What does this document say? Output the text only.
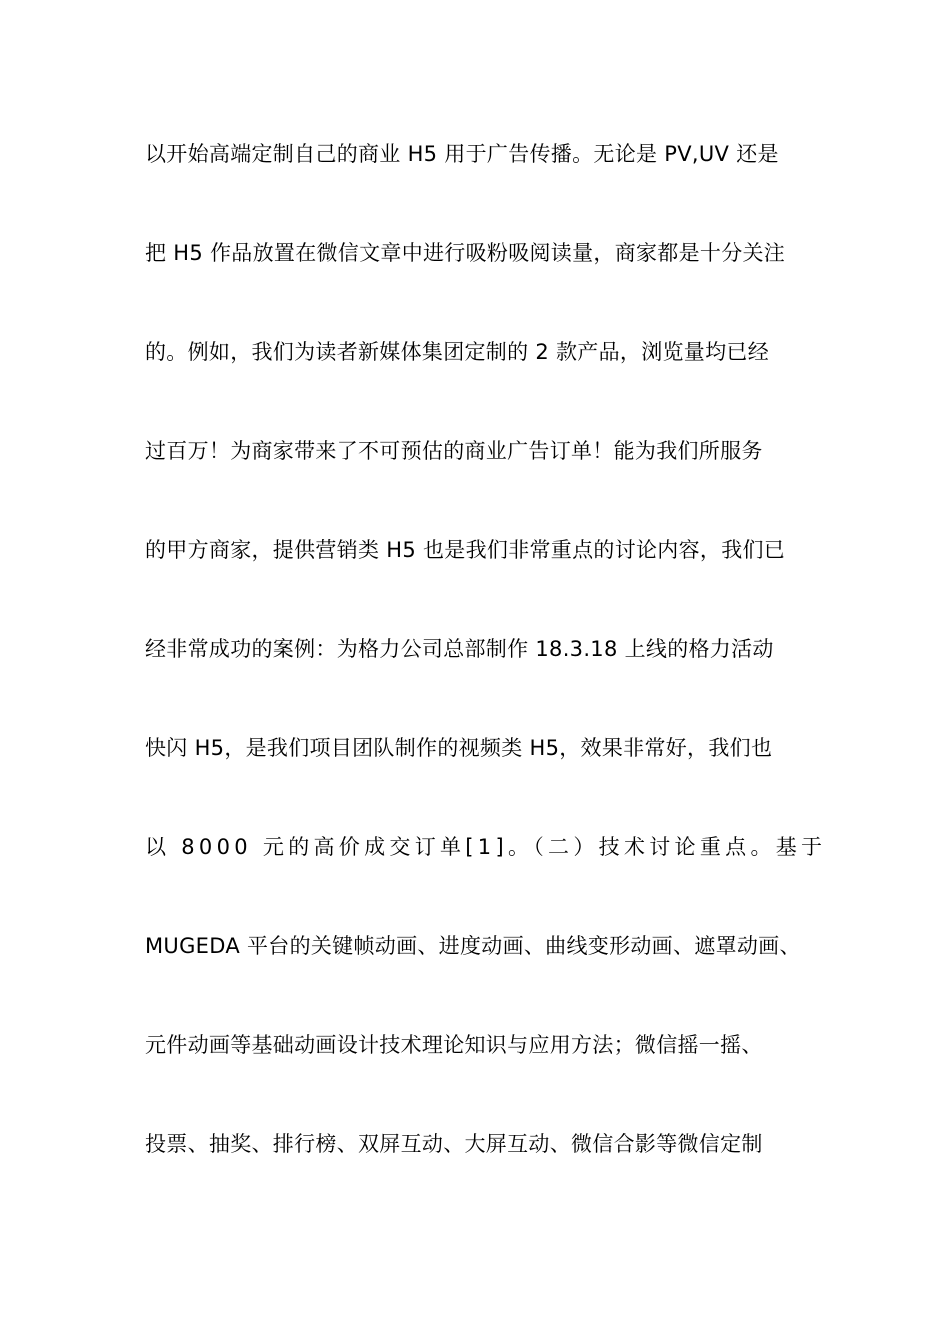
以开始高端定制自己的商业 H5 用于广告传播。无论是 PV,UV 还是
把 H5 作品放置在微信文章中进行吸粉吸阅读量，商家都是十分关注
的。例如，我们为读者新媒体集团定制的 2 款产品，浏览量均已经
过百万！为商家带来了不可预估的商业广告订单！能为我们所服务
的甲方商家，提供营销类 H5 也是我们非常重点的讨论内容，我们已
经非常成功的案例：为格力公司总部制作 18.3.18 上线的格力活动
快闪 H5，是我们项目团队制作的视频类 H5，效果非常好，我们也
以 8000 元的高价成交订单[1]。（二）技术讨论重点。基于
MUGEDA 平台的关键帧动画、进度动画、曲线变形动画、遮罩动画、
元件动画等基础动画设计技术理论知识与应用方法；微信摇一摇、
投票、抽奖、排行榜、双屏互动、大屏互动、微信合影等微信定制
